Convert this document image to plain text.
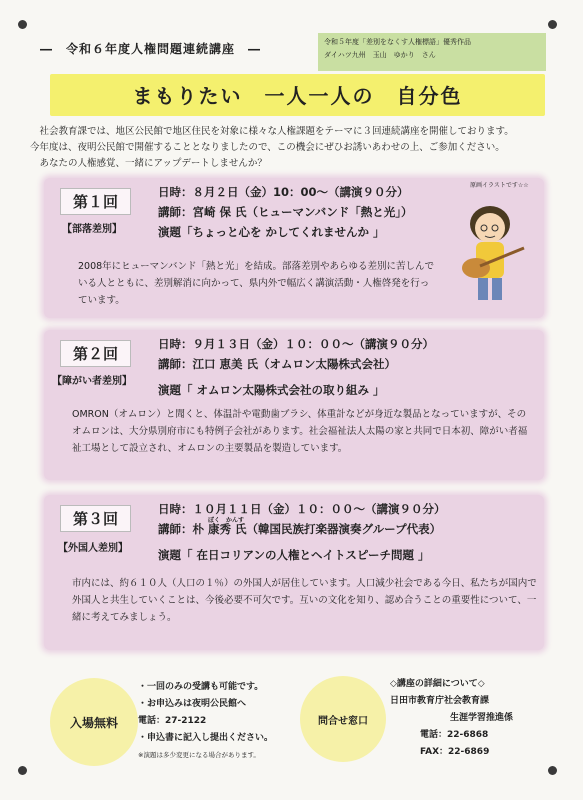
―　令和６年度人権問題連続講座　―	令和５年度「差別をなくす人権標語」優秀作品
ダイハツ九州　玉山　ゆかり　さん
まもりたい　一人一人の　自分色

社会教育課では、地区公民館で地区住民を対象に様々な人権課題をテーマに３回連続講座を開催しております。

今年度は、夜明公民館で開催することとなりましたので、この機会にぜひお誘いあわせの上、ご参加ください。

あなたの人権感覚、一緒にアップデートしませんか？

第１回
【部落差別】
日時：８月２日（金）10：00～（講演９０分）
講師：宮崎 保 氏（ヒューマンバンド「熱と光」）
演題「ちょっと心を かしてくれませんか 」
2008年にヒューマンバンド「熱と光」を結成。部落差別やあらゆる差別に苦しんでいる人とともに、差別解消に向かって、県内外で幅広く講演活動・人権啓発を行っています。
原画イラストです☆☆
第２回
【障がい者差別】
日時：９月１３日（金）１０：００～（講演９０分）
講師：江口 恵美 氏（オムロン太陽株式会社）
演題「 オムロン太陽株式会社の取り組み 」
OMRON（オムロン）と聞くと、体温計や電動歯ブラシ、体重計などが身近な製品となっていますが、そのオムロンは、大分県別府市にも特例子会社があります。社会福祉法人太陽の家と共同で日本初、障がい者福祉工場として設立され、オムロンの主要製品を製造しています。
第３回
【外国人差別】
日時：１０月１１日（金）１０：００～（講演９０分）
ぼく　かんす
講師：朴 康秀 氏（韓国民族打楽器演奏グループ代表）
演題「 在日コリアンの人権とヘイトスピーチ問題 」
市内には、約６１０人（人口の１％）の外国人が居住しています。人口減少社会である今日、私たちが国内で外国人と共生していくことは、今後必要不可欠です。互いの文化を知り、認め合うことの重要性について、一緒に考えてみましょう。
入場無料
・一回のみの受講も可能です。
・お申込みは夜明公民館へ
電話：27-2122
・申込書に記入し提出ください。
※演題は多少変更になる場合があります。
問合せ窓口
◇講座の詳細について◇
日田市教育庁社会教育課
生涯学習推進係
電話：22-6868
FAX：22-6869
